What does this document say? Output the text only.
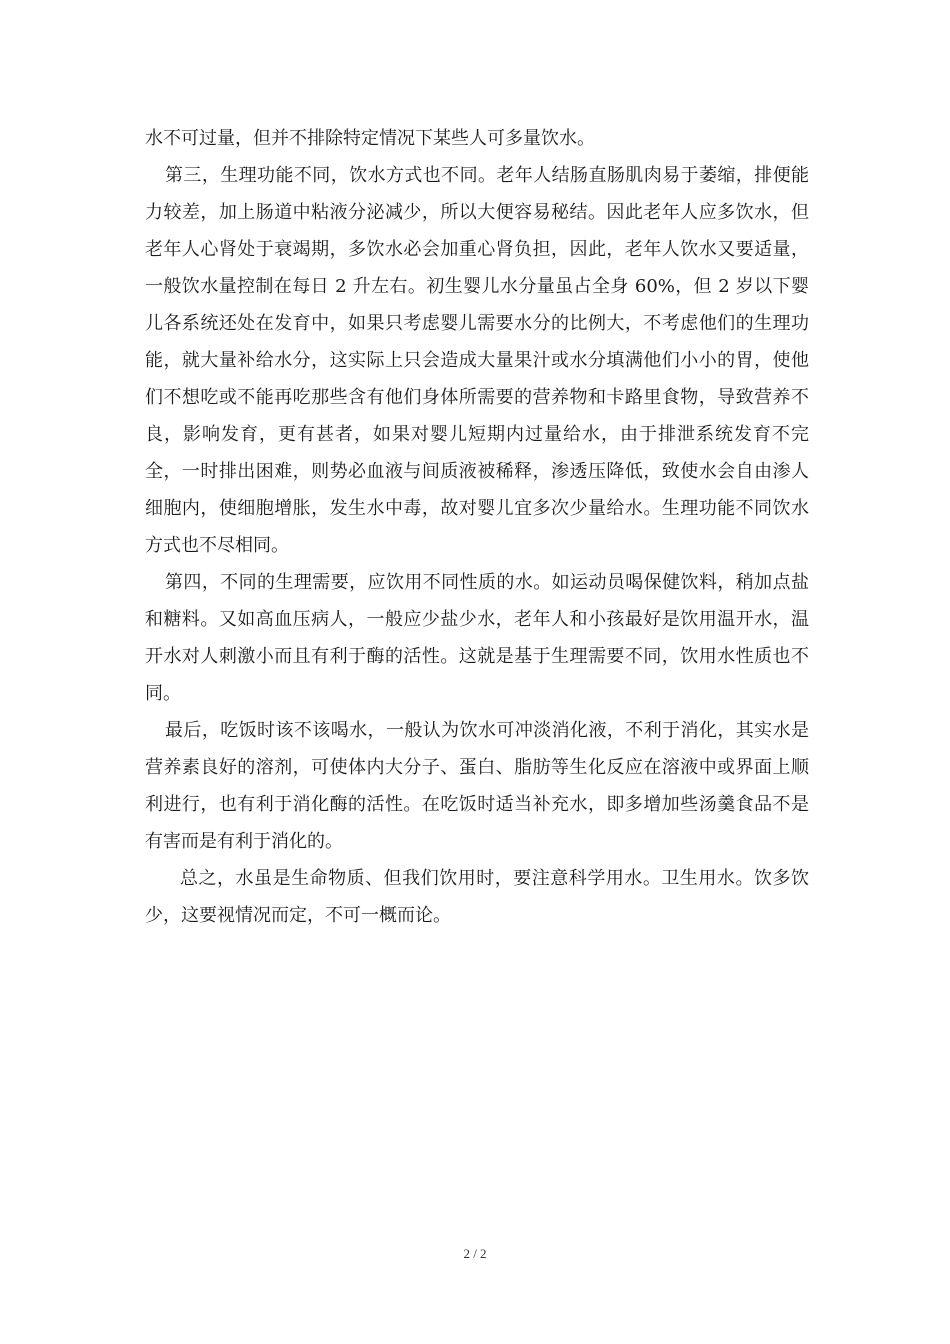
水不可过量，但并不排除特定情况下某些人可多量饮水。

第三，生理功能不同，饮水方式也不同。老年人结肠直肠肌肉易于萎缩，排便能力较差，加上肠道中粘液分泌减少，所以大便容易秘结。因此老年人应多饮水，但老年人心肾处于衰竭期，多饮水必会加重心肾负担，因此，老年人饮水又要适量，一般饮水量控制在每日 2 升左右。初生婴儿水分量虽占全身 60%，但 2 岁以下婴儿各系统还处在发育中，如果只考虑婴儿需要水分的比例大，不考虑他们的生理功能，就大量补给水分，这实际上只会造成大量果汁或水分填满他们小小的胃，使他们不想吃或不能再吃那些含有他们身体所需要的营养物和卡路里食物，导致营养不良，影响发育，更有甚者，如果对婴儿短期内过量给水，由于排泄系统发育不完全，一时排出困难，则势必血液与间质液被稀释，渗透压降低，致使水会自由渗人细胞内，使细胞增胀，发生水中毒，故对婴儿宜多次少量给水。生理功能不同饮水方式也不尽相同。

第四，不同的生理需要，应饮用不同性质的水。如运动员喝保健饮料，稍加点盐和糖料。又如高血压病人，一般应少盐少水，老年人和小孩最好是饮用温开水，温开水对人刺激小而且有利于酶的活性。这就是基于生理需要不同，饮用水性质也不同。

最后，吃饭时该不该喝水，一般认为饮水可冲淡消化液，不利于消化，其实水是营养素良好的溶剂，可使体内大分子、蛋白、脂肪等生化反应在溶液中或界面上顺利进行，也有利于消化酶的活性。在吃饭时适当补充水，即多增加些汤羹食品不是有害而是有利于消化的。

总之，水虽是生命物质、但我们饮用时，要注意科学用水。卫生用水。饮多饮少，这要视情况而定，不可一概而论。

2 / 2
